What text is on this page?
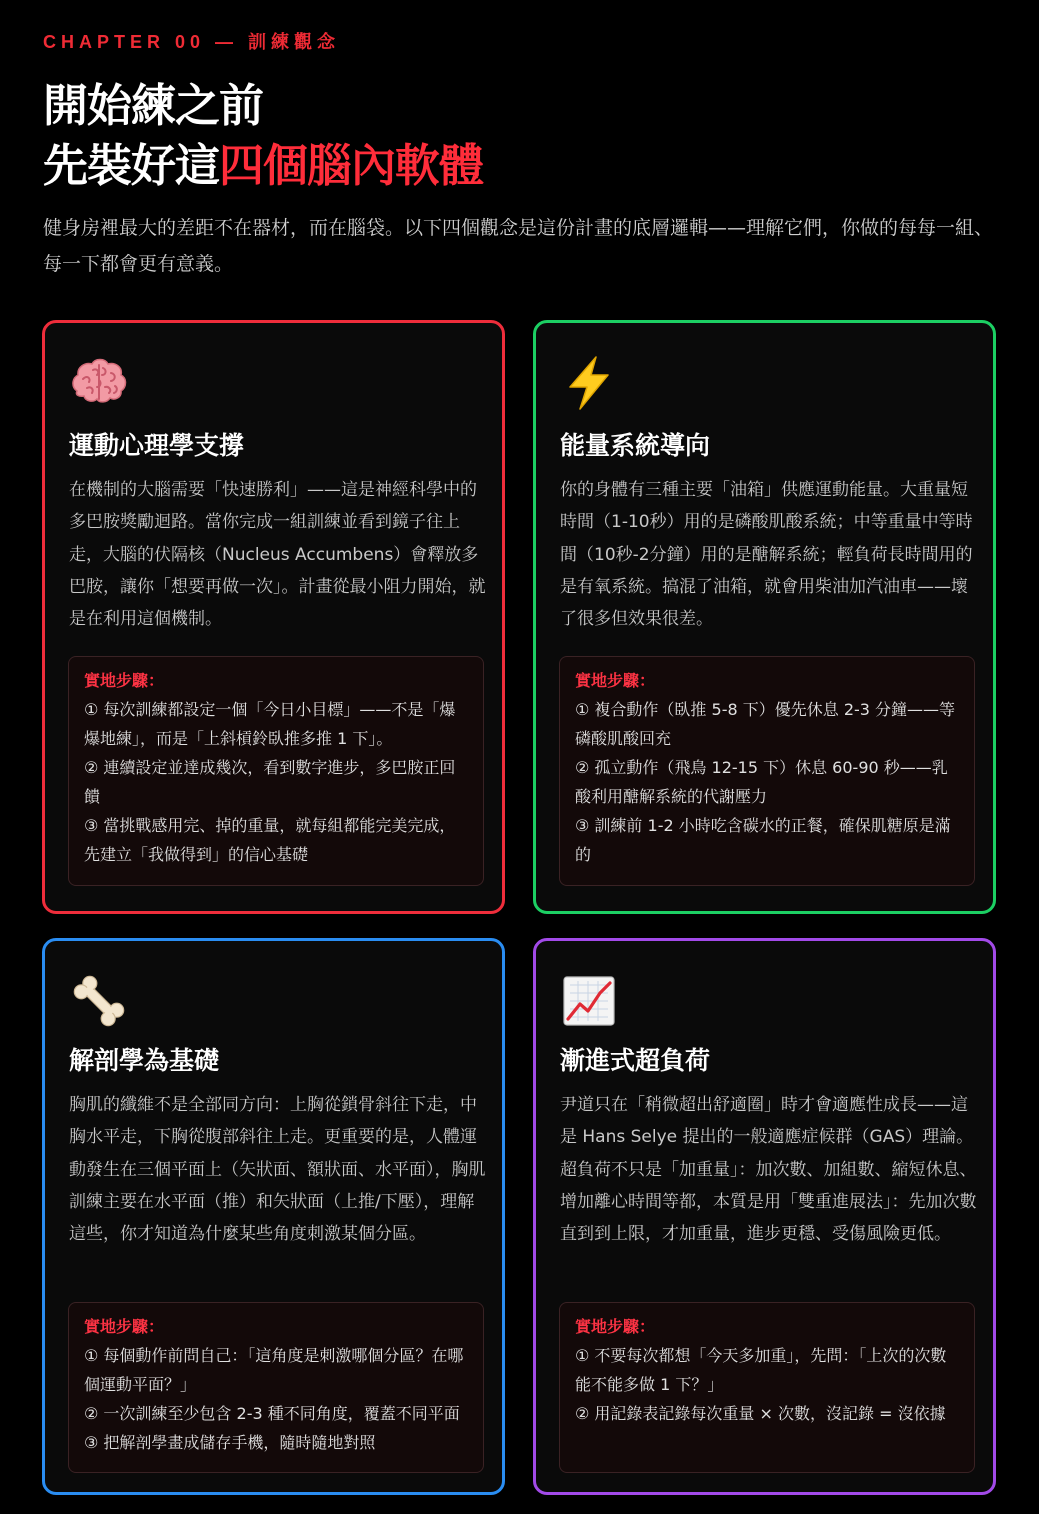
CHAPTER 00 — 訓練觀念
開始練之前
先裝好這四個腦內軟體
健身房裡最大的差距不在器材，而在腦袋。以下四個觀念是這份計畫的底層邏輯——理解它們，你做的每每一組、每一下都會更有意義。
運動心理學支撐
在機制的大腦需要「快速勝利」——這是神經科學中的多巴胺獎勵迴路。當你完成一組訓練並看到鏡子往上走，大腦的伏隔核（Nucleus Accumbens）會釋放多巴胺，讓你「想要再做一次」。計畫從最小阻力開始，就是在利用這個機制。
實地步驟：
① 每次訓練都設定一個「今日小目標」——不是「爆爆地練」，而是「上斜槓鈴臥推多推 1 下」。
② 連續設定並達成幾次，看到數字進步，多巴胺正回饋
③ 當挑戰感用完、掉的重量，就每組都能完美完成，先建立「我做得到」的信心基礎
能量系統導向
你的身體有三種主要「油箱」供應運動能量。大重量短時間（1-10秒）用的是磷酸肌酸系統；中等重量中等時間（10秒-2分鐘）用的是醣解系統；輕負荷長時間用的是有氧系統。搞混了油箱，就會用柴油加汽油車——壞了很多但效果很差。
實地步驟：
① 複合動作（臥推 5-8 下）優先休息 2-3 分鐘——等磷酸肌酸回充
② 孤立動作（飛鳥 12-15 下）休息 60-90 秒——乳酸利用醣解系統的代謝壓力
③ 訓練前 1-2 小時吃含碳水的正餐，確保肌糖原是滿的
解剖學為基礎
胸肌的纖維不是全部同方向：上胸從鎖骨斜往下走，中胸水平走，下胸從腹部斜往上走。更重要的是，人體運動發生在三個平面上（矢狀面、額狀面、水平面），胸肌訓練主要在水平面（推）和矢狀面（上推/下壓），理解這些，你才知道為什麼某些角度刺激某個分區。
實地步驟：
① 每個動作前問自己：「這角度是刺激哪個分區？在哪個運動平面？」
② 一次訓練至少包含 2-3 種不同角度，覆蓋不同平面
③ 把解剖學畫成儲存手機，隨時隨地對照
漸進式超負荷
尹道只在「稍微超出舒適圈」時才會適應性成長——這是 Hans Selye 提出的一般適應症候群（GAS）理論。超負荷不只是「加重量」：加次數、加組數、縮短休息、增加離心時間等都，本質是用「雙重進展法」：先加次數直到到上限，才加重量，進步更穩、受傷風險更低。
實地步驟：
① 不要每次都想「今天多加重」，先問：「上次的次數能不能多做 1 下？」
② 用記錄表記錄每次重量 × 次數，沒記錄 = 沒依據
